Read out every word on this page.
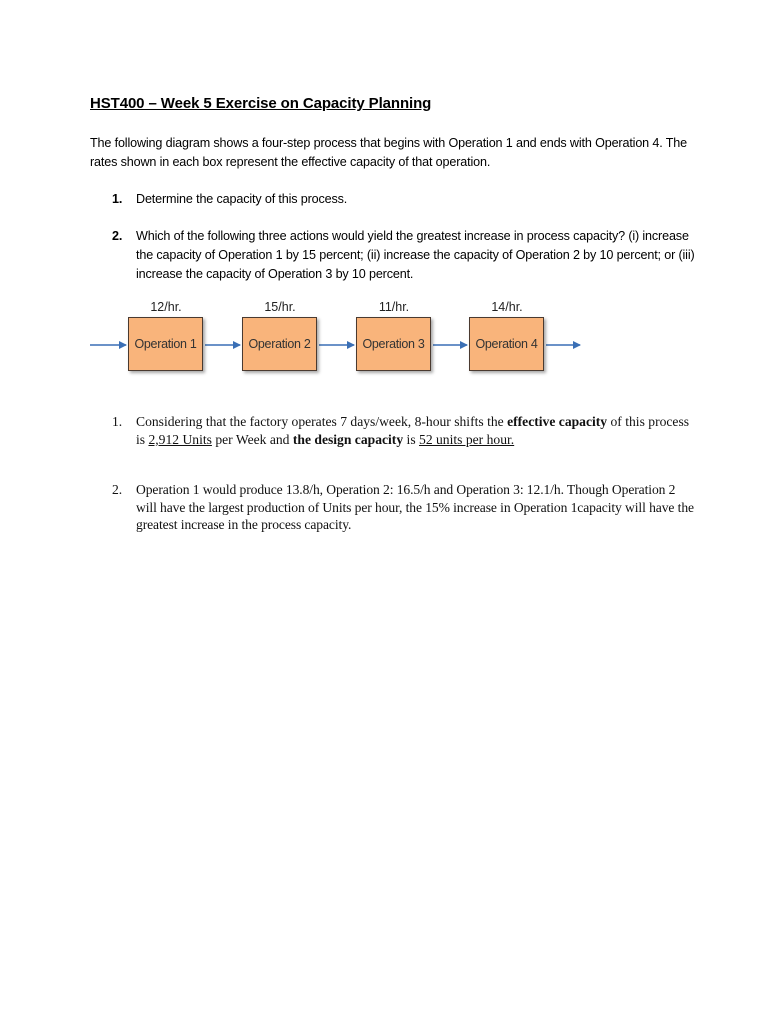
HST400 – Week 5 Exercise on Capacity Planning
The following diagram shows a four-step process that begins with Operation 1 and ends with Operation 4. The rates shown in each box represent the effective capacity of that operation.
1. Determine the capacity of this process.
2. Which of the following three actions would yield the greatest increase in process capacity? (i) increase the capacity of Operation 1 by 15 percent; (ii) increase the capacity of Operation 2 by 10 percent; or (iii) increase the capacity of Operation 3 by 10 percent.
12/hr.	15/hr.	11/hr.	14/hr.
Operation 1	Operation 2	Operation 3	Operation 4
1. Considering that the factory operates 7 days/week, 8-hour shifts the effective capacity of this process is 2,912 Units per Week and the design capacity is 52 units per hour.
2. Operation 1 would produce 13.8/h, Operation 2: 16.5/h and Operation 3: 12.1/h. Though Operation 2 will have the largest production of Units per hour, the 15% increase in Operation 1capacity will have the greatest increase in the process capacity.
